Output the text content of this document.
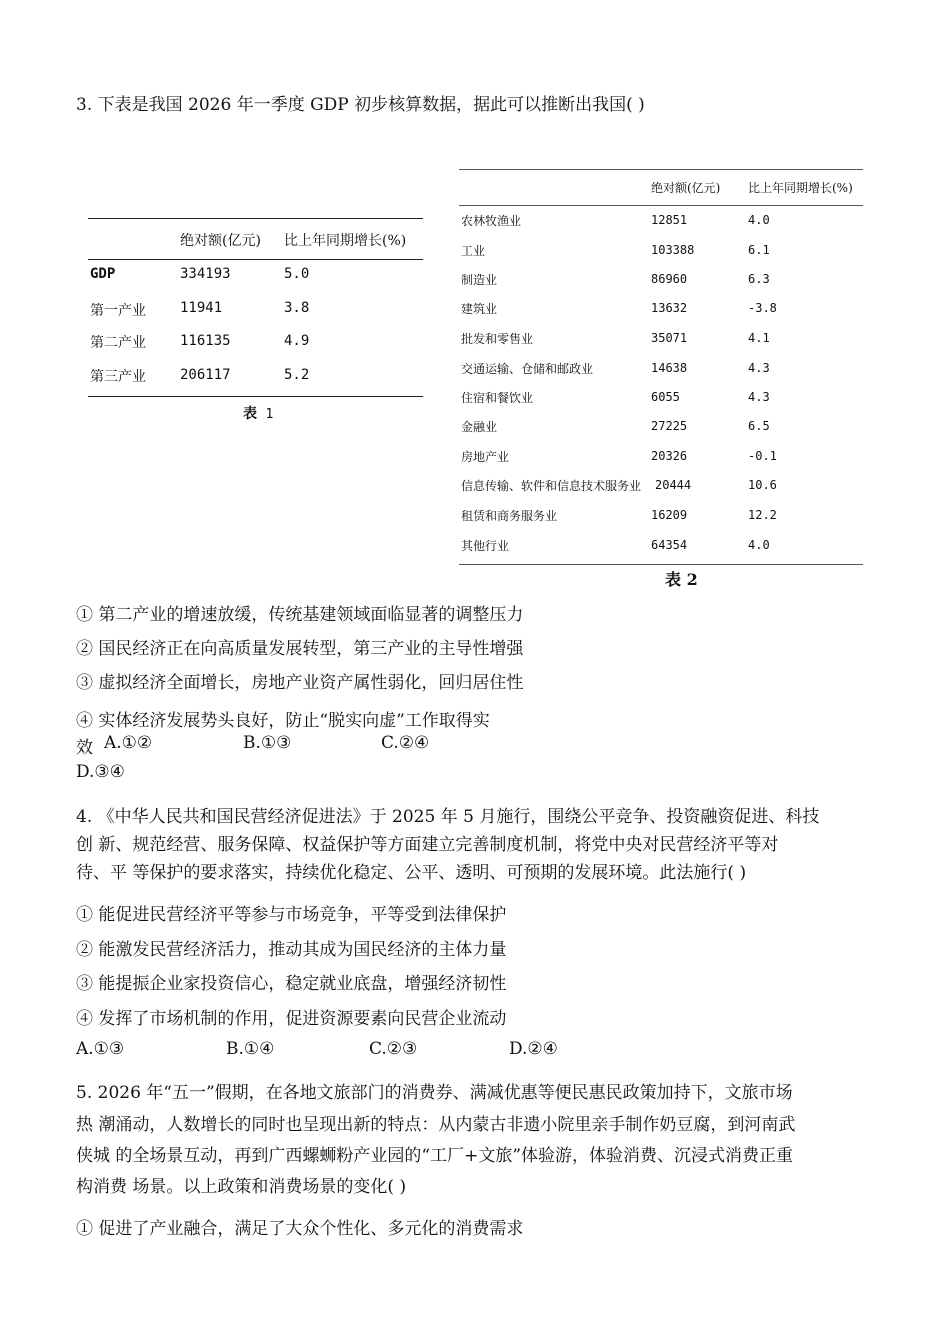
3. 下表是我国 2026 年一季度 GDP 初步核算数据，据此可以推断出我国( )
绝对额(亿元) 比上年同期增长(%)
GDP	334193	5.0
第一产业 11941	3.8
第二产业 116135	4.9
第三产业 206117	5.2
表 1
绝对额(亿元) 比上年同期增长(%)
农林牧渔业	12851	4.0
工业	103388	6.1
制造业	86960	6.3
建筑业	13632	-3.8
批发和零售业	35071	4.1
交通运输、仓储和邮政业	14638	4.3
住宿和餐饮业	6055	4.3
金融业	27225	6.5
房地产业	20326	-0.1
信息传输、软件和信息技术服务业 20444	10.6
租赁和商务服务业	16209	12.2
其他行业	64354	4.0
表 2
① 第二产业的增速放缓，传统基建领域面临显著的调整压力
② 国民经济正在向高质量发展转型，第三产业的主导性增强
③ 虚拟经济全面增长，房地产业资产属性弱化，回归居住性
④ 实体经济发展势头良好，防止“脱实向虚”工作取得实
效 A.①②	B.①③	C.②④
D.③④
4. 《中华人民共和国民营经济促进法》于 2025 年 5 月施行，围绕公平竞争、投资融资促进、科技
创 新、规范经营、服务保障、权益保护等方面建立完善制度机制，将党中央对民营经济平等对
待、平 等保护的要求落实，持续优化稳定、公平、透明、可预期的发展环境。此法施行( )
① 能促进民营经济平等参与市场竞争，平等受到法律保护
② 能激发民营经济活力，推动其成为国民经济的主体力量
③ 能提振企业家投资信心，稳定就业底盘，增强经济韧性
④ 发挥了市场机制的作用，促进资源要素向民营企业流动
A.①③	B.①④	C.②③	D.②④
5. 2026 年“五一”假期，在各地文旅部门的消费券、满减优惠等便民惠民政策加持下，文旅市场
热 潮涌动，人数增长的同时也呈现出新的特点：从内蒙古非遗小院里亲手制作奶豆腐，到河南武
侠城 的全场景互动，再到广西螺蛳粉产业园的“工厂+文旅”体验游，体验消费、沉浸式消费正重
构消费 场景。以上政策和消费场景的变化( )
① 促进了产业融合，满足了大众个性化、多元化的消费需求
